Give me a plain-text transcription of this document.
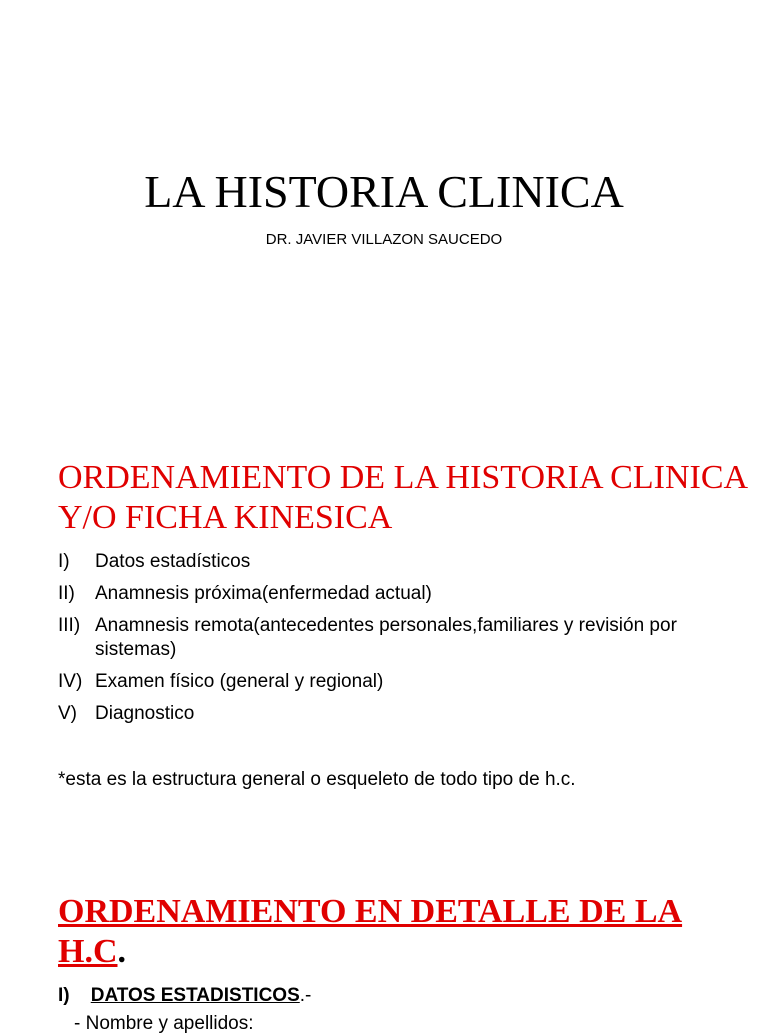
LA HISTORIA CLINICA
DR. JAVIER VILLAZON SAUCEDO
ORDENAMIENTO DE LA HISTORIA CLINICA Y/O FICHA KINESICA
I)	Datos estadísticos
II)	Anamnesis próxima(enfermedad actual)
III) Anamnesis remota(antecedentes personales,familiares y revisión por sistemas)
IV) Examen físico (general y regional)
V) Diagnostico
*esta es la estructura general o esqueleto de todo tipo de h.c.
ORDENAMIENTO EN DETALLE DE LA H.C.
I) DATOS ESTADISTICOS.-
- Nombre y apellidos:
